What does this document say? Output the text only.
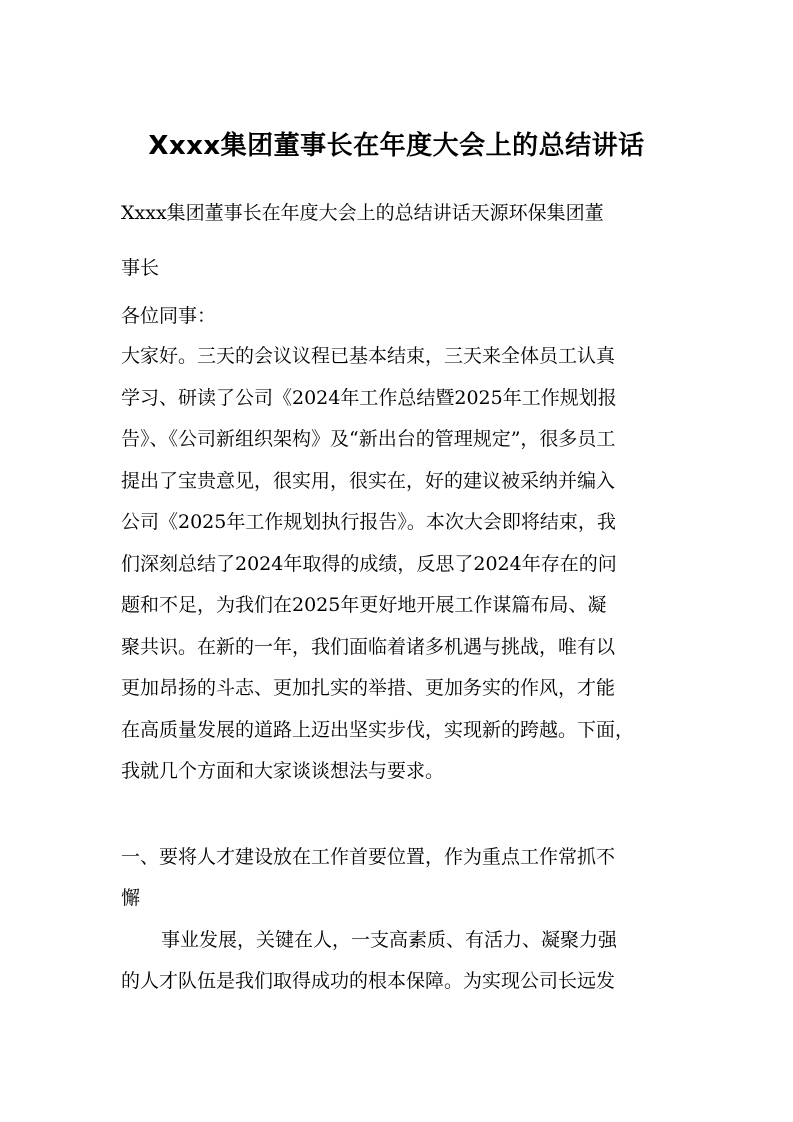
Xxxx集团董事长在年度大会上的总结讲话
Xxxx集团董事长在年度大会上的总结讲话天源环保集团董
事长
各位同事：
大家好。三天的会议议程已基本结束，三天来全体员工认真
学习、研读了公司《2024年工作总结暨2025年工作规划报
告》、《公司新组织架构》及“新出台的管理规定”，很多员工
提出了宝贵意见，很实用，很实在，好的建议被采纳并编入
公司《2025年工作规划执行报告》。本次大会即将结束，我
们深刻总结了2024年取得的成绩，反思了2024年存在的问
题和不足，为我们在2025年更好地开展工作谋篇布局、凝
聚共识。在新的一年，我们面临着诸多机遇与挑战，唯有以
更加昂扬的斗志、更加扎实的举措、更加务实的作风，才能
在高质量发展的道路上迈出坚实步伐，实现新的跨越。下面，
我就几个方面和大家谈谈想法与要求。
一、要将人才建设放在工作首要位置，作为重点工作常抓不
懈
事业发展，关键在人，一支高素质、有活力、凝聚力强
的人才队伍是我们取得成功的根本保障。为实现公司长远发
